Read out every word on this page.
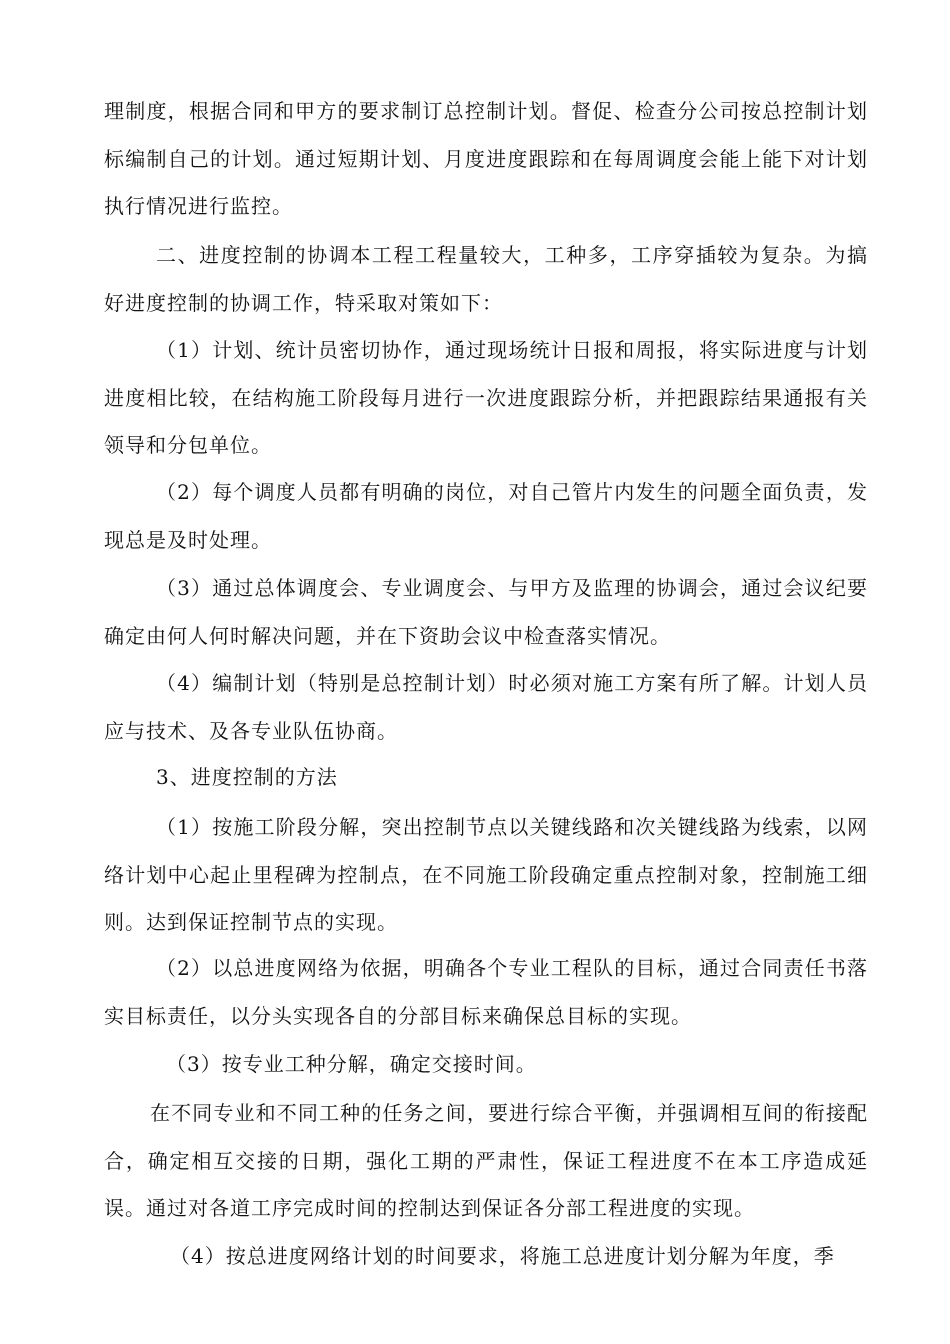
理制度，根据合同和甲方的要求制订总控制计划。督促、检查分公司按总控制计划标编制自己的计划。通过短期计划、月度进度跟踪和在每周调度会能上能下对计划执行情况进行监控。

二、进度控制的协调本工程工程量较大，工种多，工序穿插较为复杂。为搞好进度控制的协调工作，特采取对策如下：

（1）计划、统计员密切协作，通过现场统计日报和周报，将实际进度与计划进度相比较，在结构施工阶段每月进行一次进度跟踪分析，并把跟踪结果通报有关领导和分包单位。

（2）每个调度人员都有明确的岗位，对自己管片内发生的问题全面负责，发现总是及时处理。

（3）通过总体调度会、专业调度会、与甲方及监理的协调会，通过会议纪要确定由何人何时解决问题，并在下资助会议中检查落实情况。

（4）编制计划（特别是总控制计划）时必须对施工方案有所了解。计划人员应与技术、及各专业队伍协商。

3、进度控制的方法

（1）按施工阶段分解，突出控制节点以关键线路和次关键线路为线索，以网络计划中心起止里程碑为控制点，在不同施工阶段确定重点控制对象，控制施工细则。达到保证控制节点的实现。

（2）以总进度网络为依据，明确各个专业工程队的目标，通过合同责任书落实目标责任，以分头实现各自的分部目标来确保总目标的实现。

（3）按专业工种分解，确定交接时间。

在不同专业和不同工种的任务之间，要进行综合平衡，并强调相互间的衔接配合，确定相互交接的日期，强化工期的严肃性，保证工程进度不在本工序造成延误。通过对各道工序完成时间的控制达到保证各分部工程进度的实现。

（4）按总进度网络计划的时间要求，将施工总进度计划分解为年度，季
